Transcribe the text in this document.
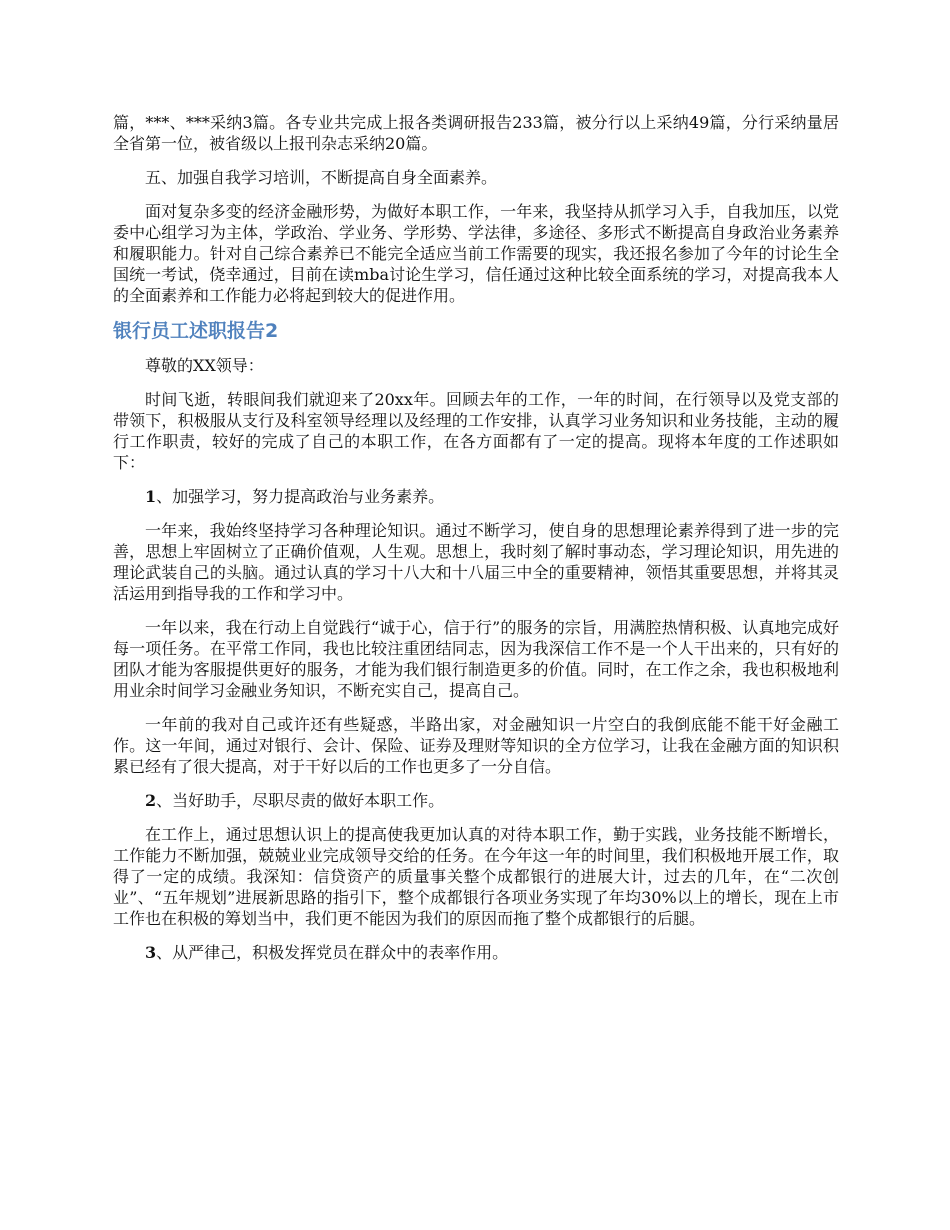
篇，***、***采纳3篇。各专业共完成上报各类调研报告233篇，被分行以上采纳49篇，分行采纳量居全省第一位，被省级以上报刊杂志采纳20篇。

五、加强自我学习培训，不断提高自身全面素养。

面对复杂多变的经济金融形势，为做好本职工作，一年来，我坚持从抓学习入手，自我加压，以党委中心组学习为主体，学政治、学业务、学形势、学法律，多途径、多形式不断提高自身政治业务素养和履职能力。针对自己综合素养已不能完全适应当前工作需要的现实，我还报名参加了今年的讨论生全国统一考试，侥幸通过，目前在读mba讨论生学习，信任通过这种比较全面系统的学习，对提高我本人的全面素养和工作能力必将起到较大的促进作用。

银行员工述职报告2

尊敬的XX领导：

时间飞逝，转眼间我们就迎来了20xx年。回顾去年的工作，一年的时间，在行领导以及党支部的带领下，积极服从支行及科室领导经理以及经理的工作安排，认真学习业务知识和业务技能，主动的履行工作职责，较好的完成了自己的本职工作，在各方面都有了一定的提高。现将本年度的工作述职如下：

1、加强学习，努力提高政治与业务素养。

一年来，我始终坚持学习各种理论知识。通过不断学习，使自身的思想理论素养得到了进一步的完善，思想上牢固树立了正确价值观，人生观。思想上，我时刻了解时事动态，学习理论知识，用先进的理论武装自己的头脑。通过认真的学习十八大和十八届三中全的重要精神，领悟其重要思想，并将其灵活运用到指导我的工作和学习中。

一年以来，我在行动上自觉践行“诚于心，信于行”的服务的宗旨，用满腔热情积极、认真地完成好每一项任务。在平常工作同，我也比较注重团结同志，因为我深信工作不是一个人干出来的，只有好的团队才能为客服提供更好的服务，才能为我们银行制造更多的价值。同时，在工作之余，我也积极地利用业余时间学习金融业务知识，不断充实自己，提高自己。

一年前的我对自己或许还有些疑惑，半路出家，对金融知识一片空白的我倒底能不能干好金融工作。这一年间，通过对银行、会计、保险、证券及理财等知识的全方位学习，让我在金融方面的知识积累已经有了很大提高，对于干好以后的工作也更多了一分自信。

2、当好助手，尽职尽责的做好本职工作。

在工作上，通过思想认识上的提高使我更加认真的对待本职工作，勤于实践，业务技能不断增长，工作能力不断加强，兢兢业业完成领导交给的任务。在今年这一年的时间里，我们积极地开展工作，取得了一定的成绩。我深知：信贷资产的质量事关整个成都银行的进展大计，过去的几年，在“二次创业”、“五年规划”进展新思路的指引下，整个成都银行各项业务实现了年均30%以上的增长，现在上市工作也在积极的筹划当中，我们更不能因为我们的原因而拖了整个成都银行的后腿。

3、从严律己，积极发挥党员在群众中的表率作用。
